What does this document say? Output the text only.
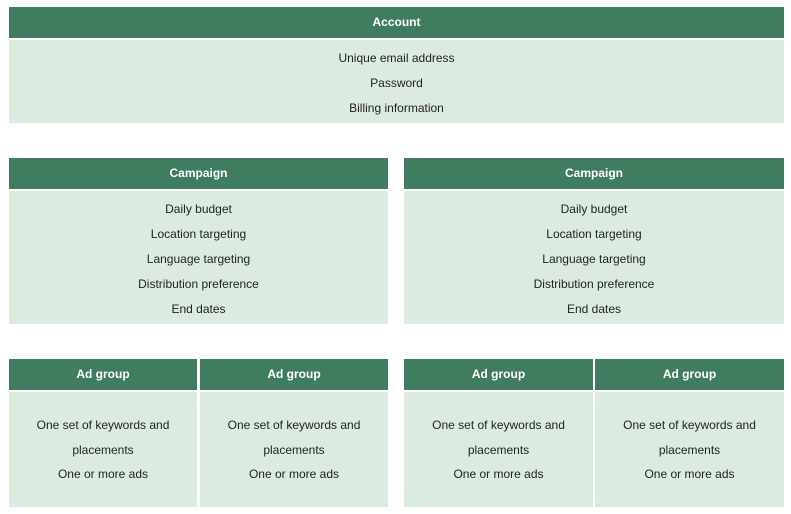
Account
Unique email address
Password
Billing information
Campaign
Daily budget
Location targeting
Language targeting
Distribution preference
End dates
Campaign
Daily budget
Location targeting
Language targeting
Distribution preference
End dates
Ad group
One set of keywords and
placements
One or more ads
Ad group
One set of keywords and
placements
One or more ads
Ad group
One set of keywords and
placements
One or more ads
Ad group
One set of keywords and
placements
One or more ads
